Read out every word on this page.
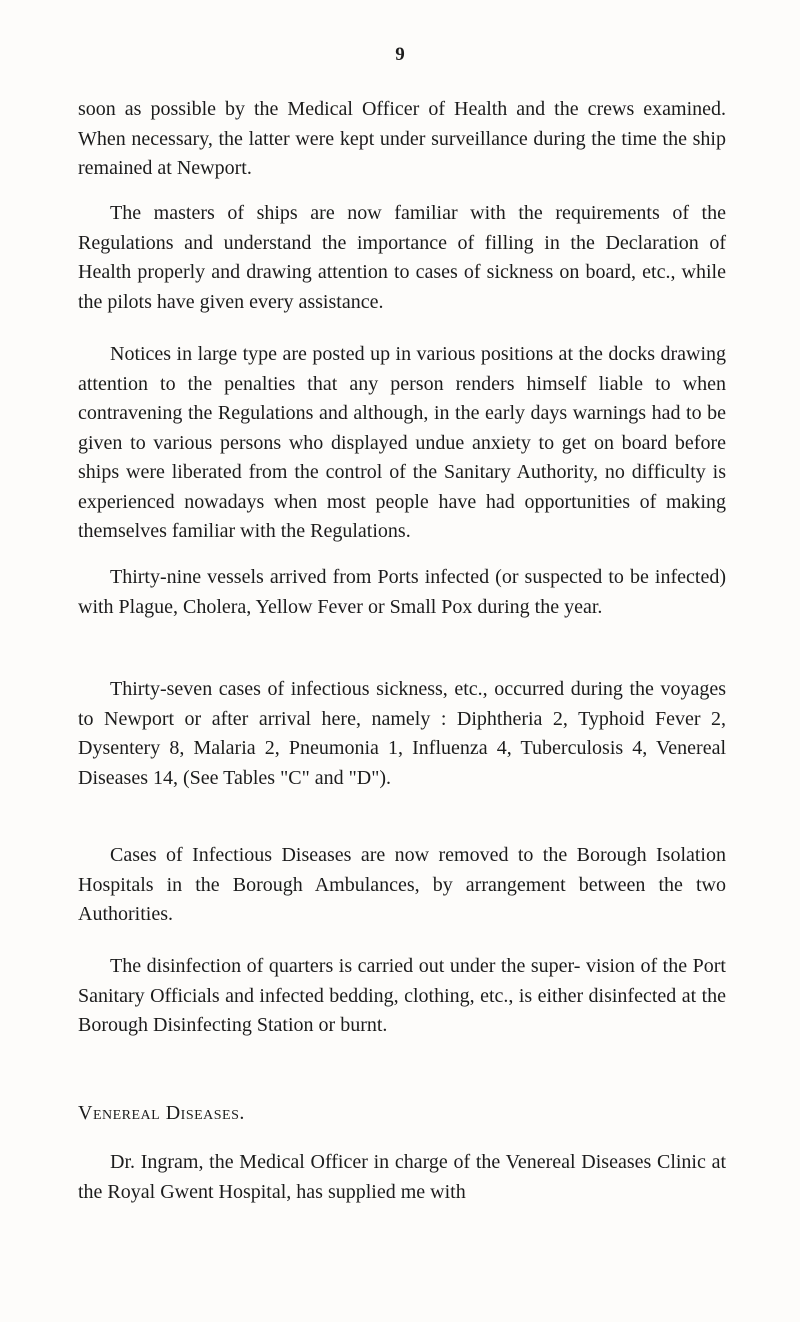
9

soon as possible by the Medical Officer of Health and the crews examined. When necessary, the latter were kept under surveillance during the time the ship remained at Newport.

The masters of ships are now familiar with the requirements of the Regulations and understand the importance of filling in the Declaration of Health properly and drawing attention to cases of sickness on board, etc., while the pilots have given every assistance.

Notices in large type are posted up in various positions at the docks drawing attention to the penalties that any person renders himself liable to when contravening the Regulations and although, in the early days warnings had to be given to various persons who displayed undue anxiety to get on board before ships were liberated from the control of the Sanitary Authority, no difficulty is experienced nowadays when most people have had opportunities of making themselves familiar with the Regulations.

Thirty-nine vessels arrived from Ports infected (or suspected to be infected) with Plague, Cholera, Yellow Fever or Small Pox during the year.

Thirty-seven cases of infectious sickness, etc., occurred during the voyages to Newport or after arrival here, namely : Diphtheria 2, Typhoid Fever 2, Dysentery 8, Malaria 2, Pneumonia 1, Influenza 4, Tuberculosis 4, Venereal Diseases 14, (See Tables "C" and "D").

Cases of Infectious Diseases are now removed to the Borough Isolation Hospitals in the Borough Ambulances, by arrangement between the two Authorities.

The disinfection of quarters is carried out under the super- vision of the Port Sanitary Officials and infected bedding, clothing, etc., is either disinfected at the Borough Disinfecting Station or burnt.

Venereal Diseases.

Dr. Ingram, the Medical Officer in charge of the Venereal Diseases Clinic at the Royal Gwent Hospital, has supplied me with
